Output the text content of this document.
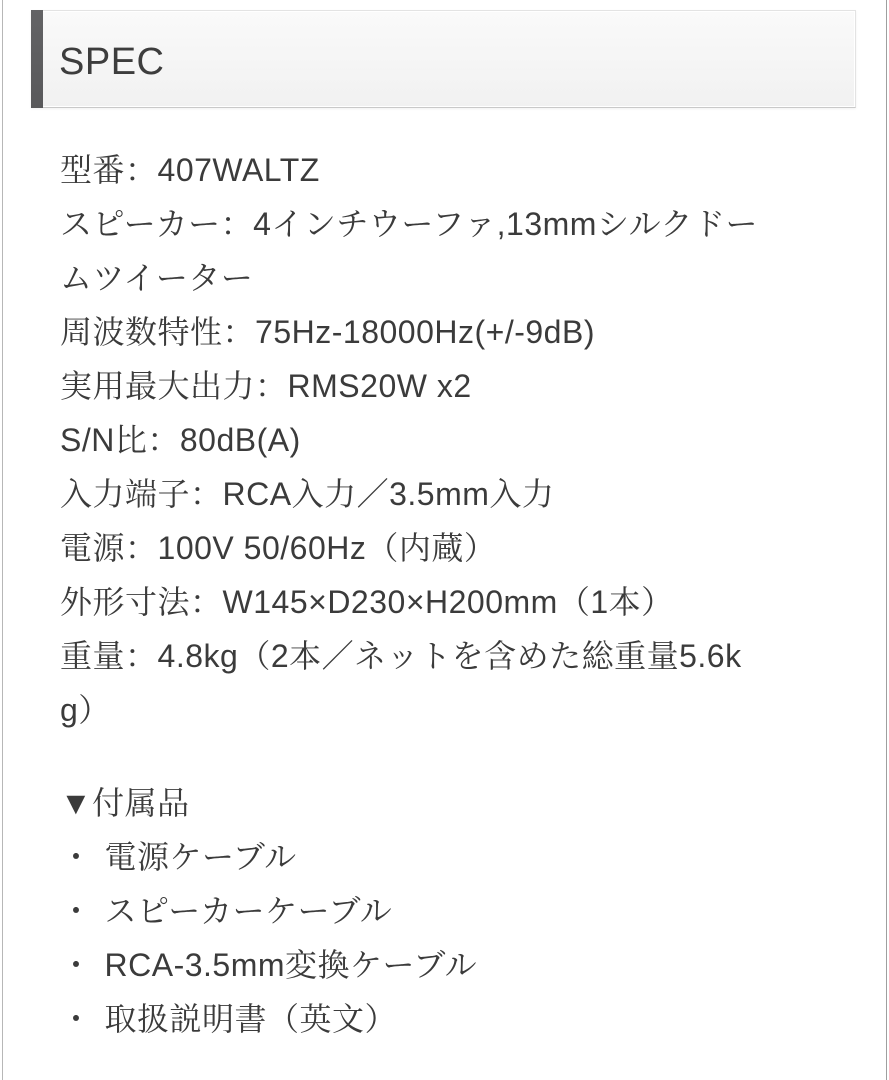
SPEC

型番：407WALTZ

スピーカー：4インチウーファ,13mmシルクドームツイーター

周波数特性：75Hz-18000Hz(+/-9dB)

実用最大出力：RMS20W x2

S/N比：80dB(A)

入力端子：RCA入力／3.5mm入力

電源：100V 50/60Hz（内蔵）

外形寸法：W145×D230×H200mm（1本）

重量：4.8kg（2本／ネットを含めた総重量5.6kg）

▼付属品

・ 電源ケーブル

・ スピーカーケーブル

・ RCA-3.5mm変換ケーブル

・ 取扱説明書（英文）
